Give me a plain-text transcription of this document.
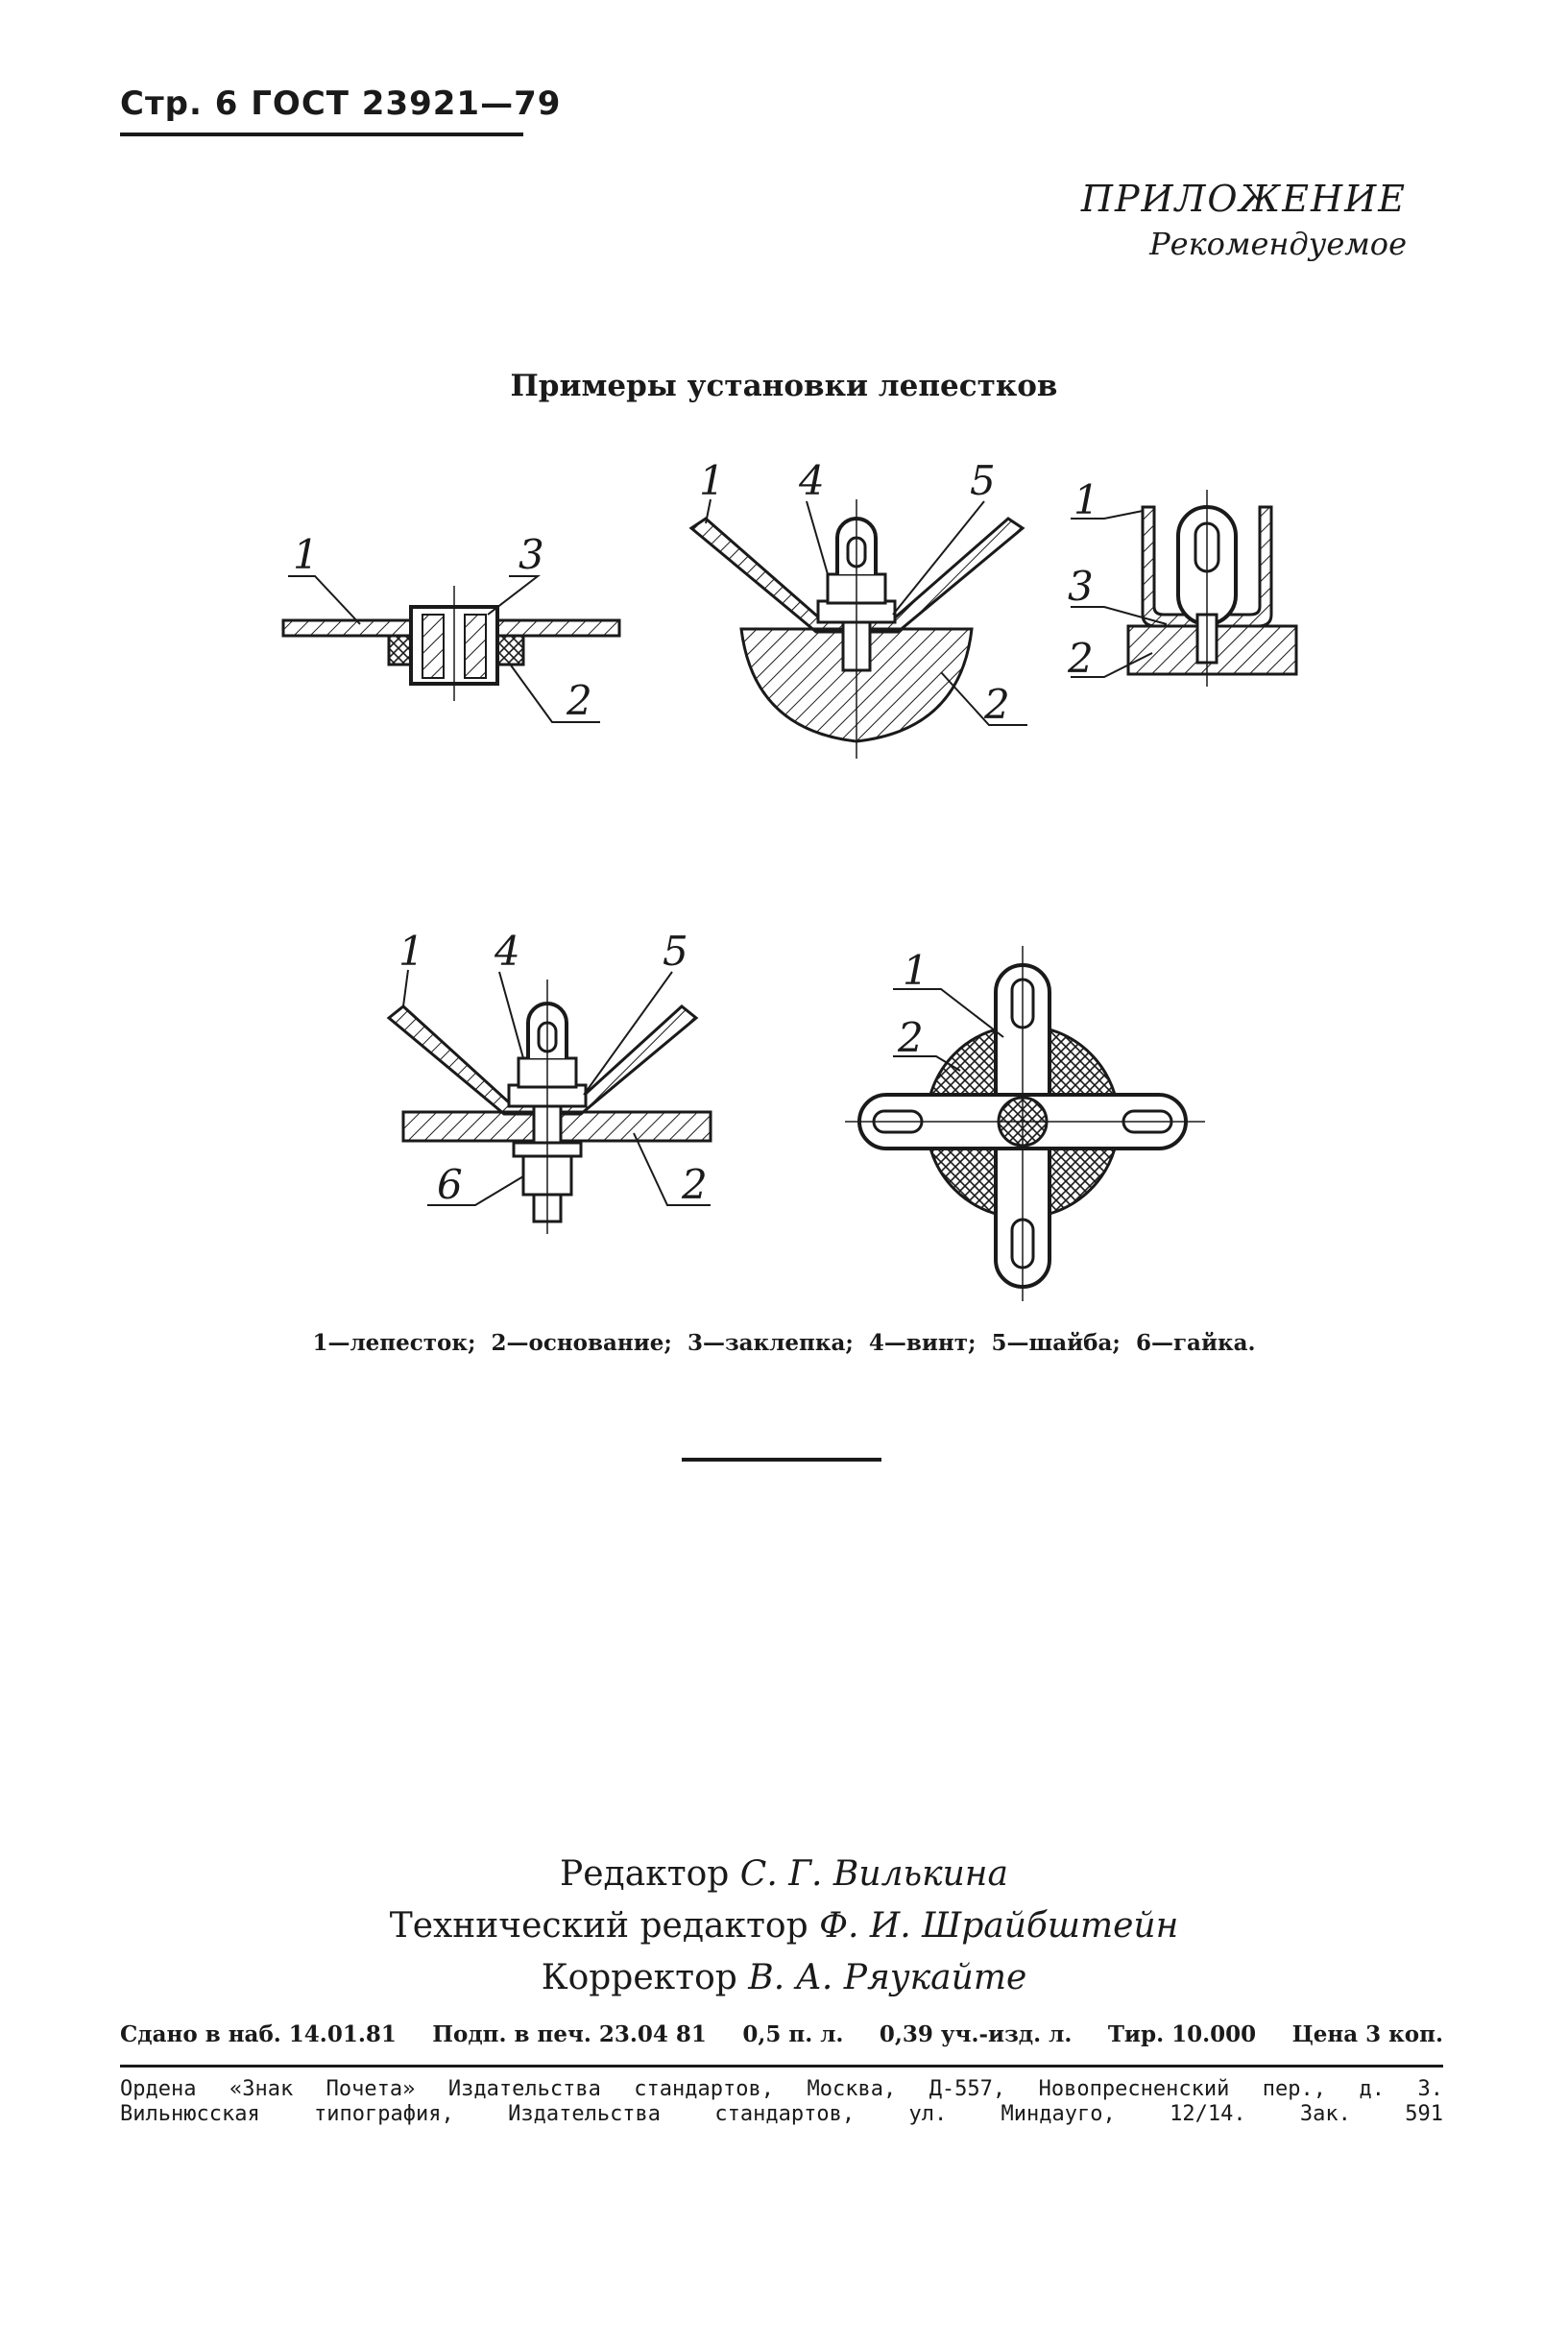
Стр. 6 ГОСТ 23921—79
ПРИЛОЖЕНИЕ
Рекомендуемое
Примеры установки лепестков
1	3
2
1 4	5
2
1
3
2
1 4	5
6	2
1
2
1—лепесток; 2—основание; 3—заклепка; 4—винт; 5—шайба; 6—гайка.
Редактор С. Г. Вилькина
Технический редактор Ф. И. Шрайбштейн
Корректор В. А. Ряукайте
Сдано в наб. 14.01.81 Подп. в печ. 23.04 81 0,5 п. л. 0,39 уч.-изд. л. Тир. 10.000 Цена 3 коп.
Ордена «Знак Почета» Издательства стандартов, Москва, Д-557, Новопресненский пер., д. 3.
Вильнюсская типография, Издательства стандартов, ул. Миндауго, 12/14. Зак. 591
